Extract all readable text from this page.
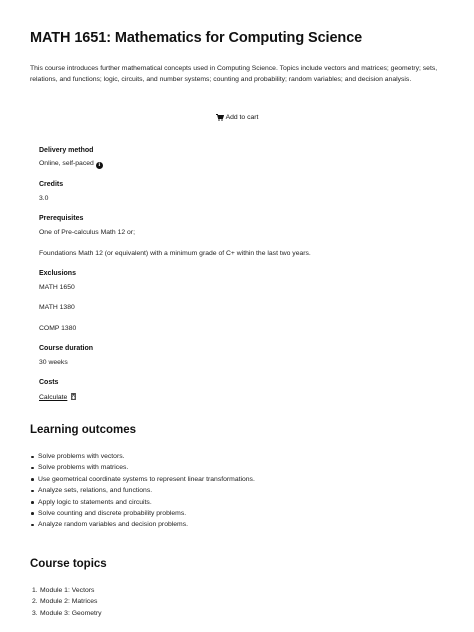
MATH 1651: Mathematics for Computing Science

This course introduces further mathematical concepts used in Computing Science. Topics include vectors and matrices; geometry; sets, relations, and functions; logic, circuits, and number systems; counting and probability; random variables; and decision analysis.

Add to cart
Delivery method
Online, self-paced i
Credits
3.0
Prerequisites
One of Pre-calculus Math 12 or;
Foundations Math 12 (or equivalent) with a minimum grade of C+ within the last two years.
Exclusions
MATH 1650
MATH 1380
COMP 1380
Course duration
30 weeks
Costs
Calculate
Learning outcomes
Solve problems with vectors.
Solve problems with matrices.
Use geometrical coordinate systems to represent linear transformations.
Analyze sets, relations, and functions.
Apply logic to statements and circuits.
Solve counting and discrete probability problems.
Analyze random variables and decision problems.
Course topics
1. Module 1: Vectors
2. Module 2: Matrices
3. Module 3: Geometry
